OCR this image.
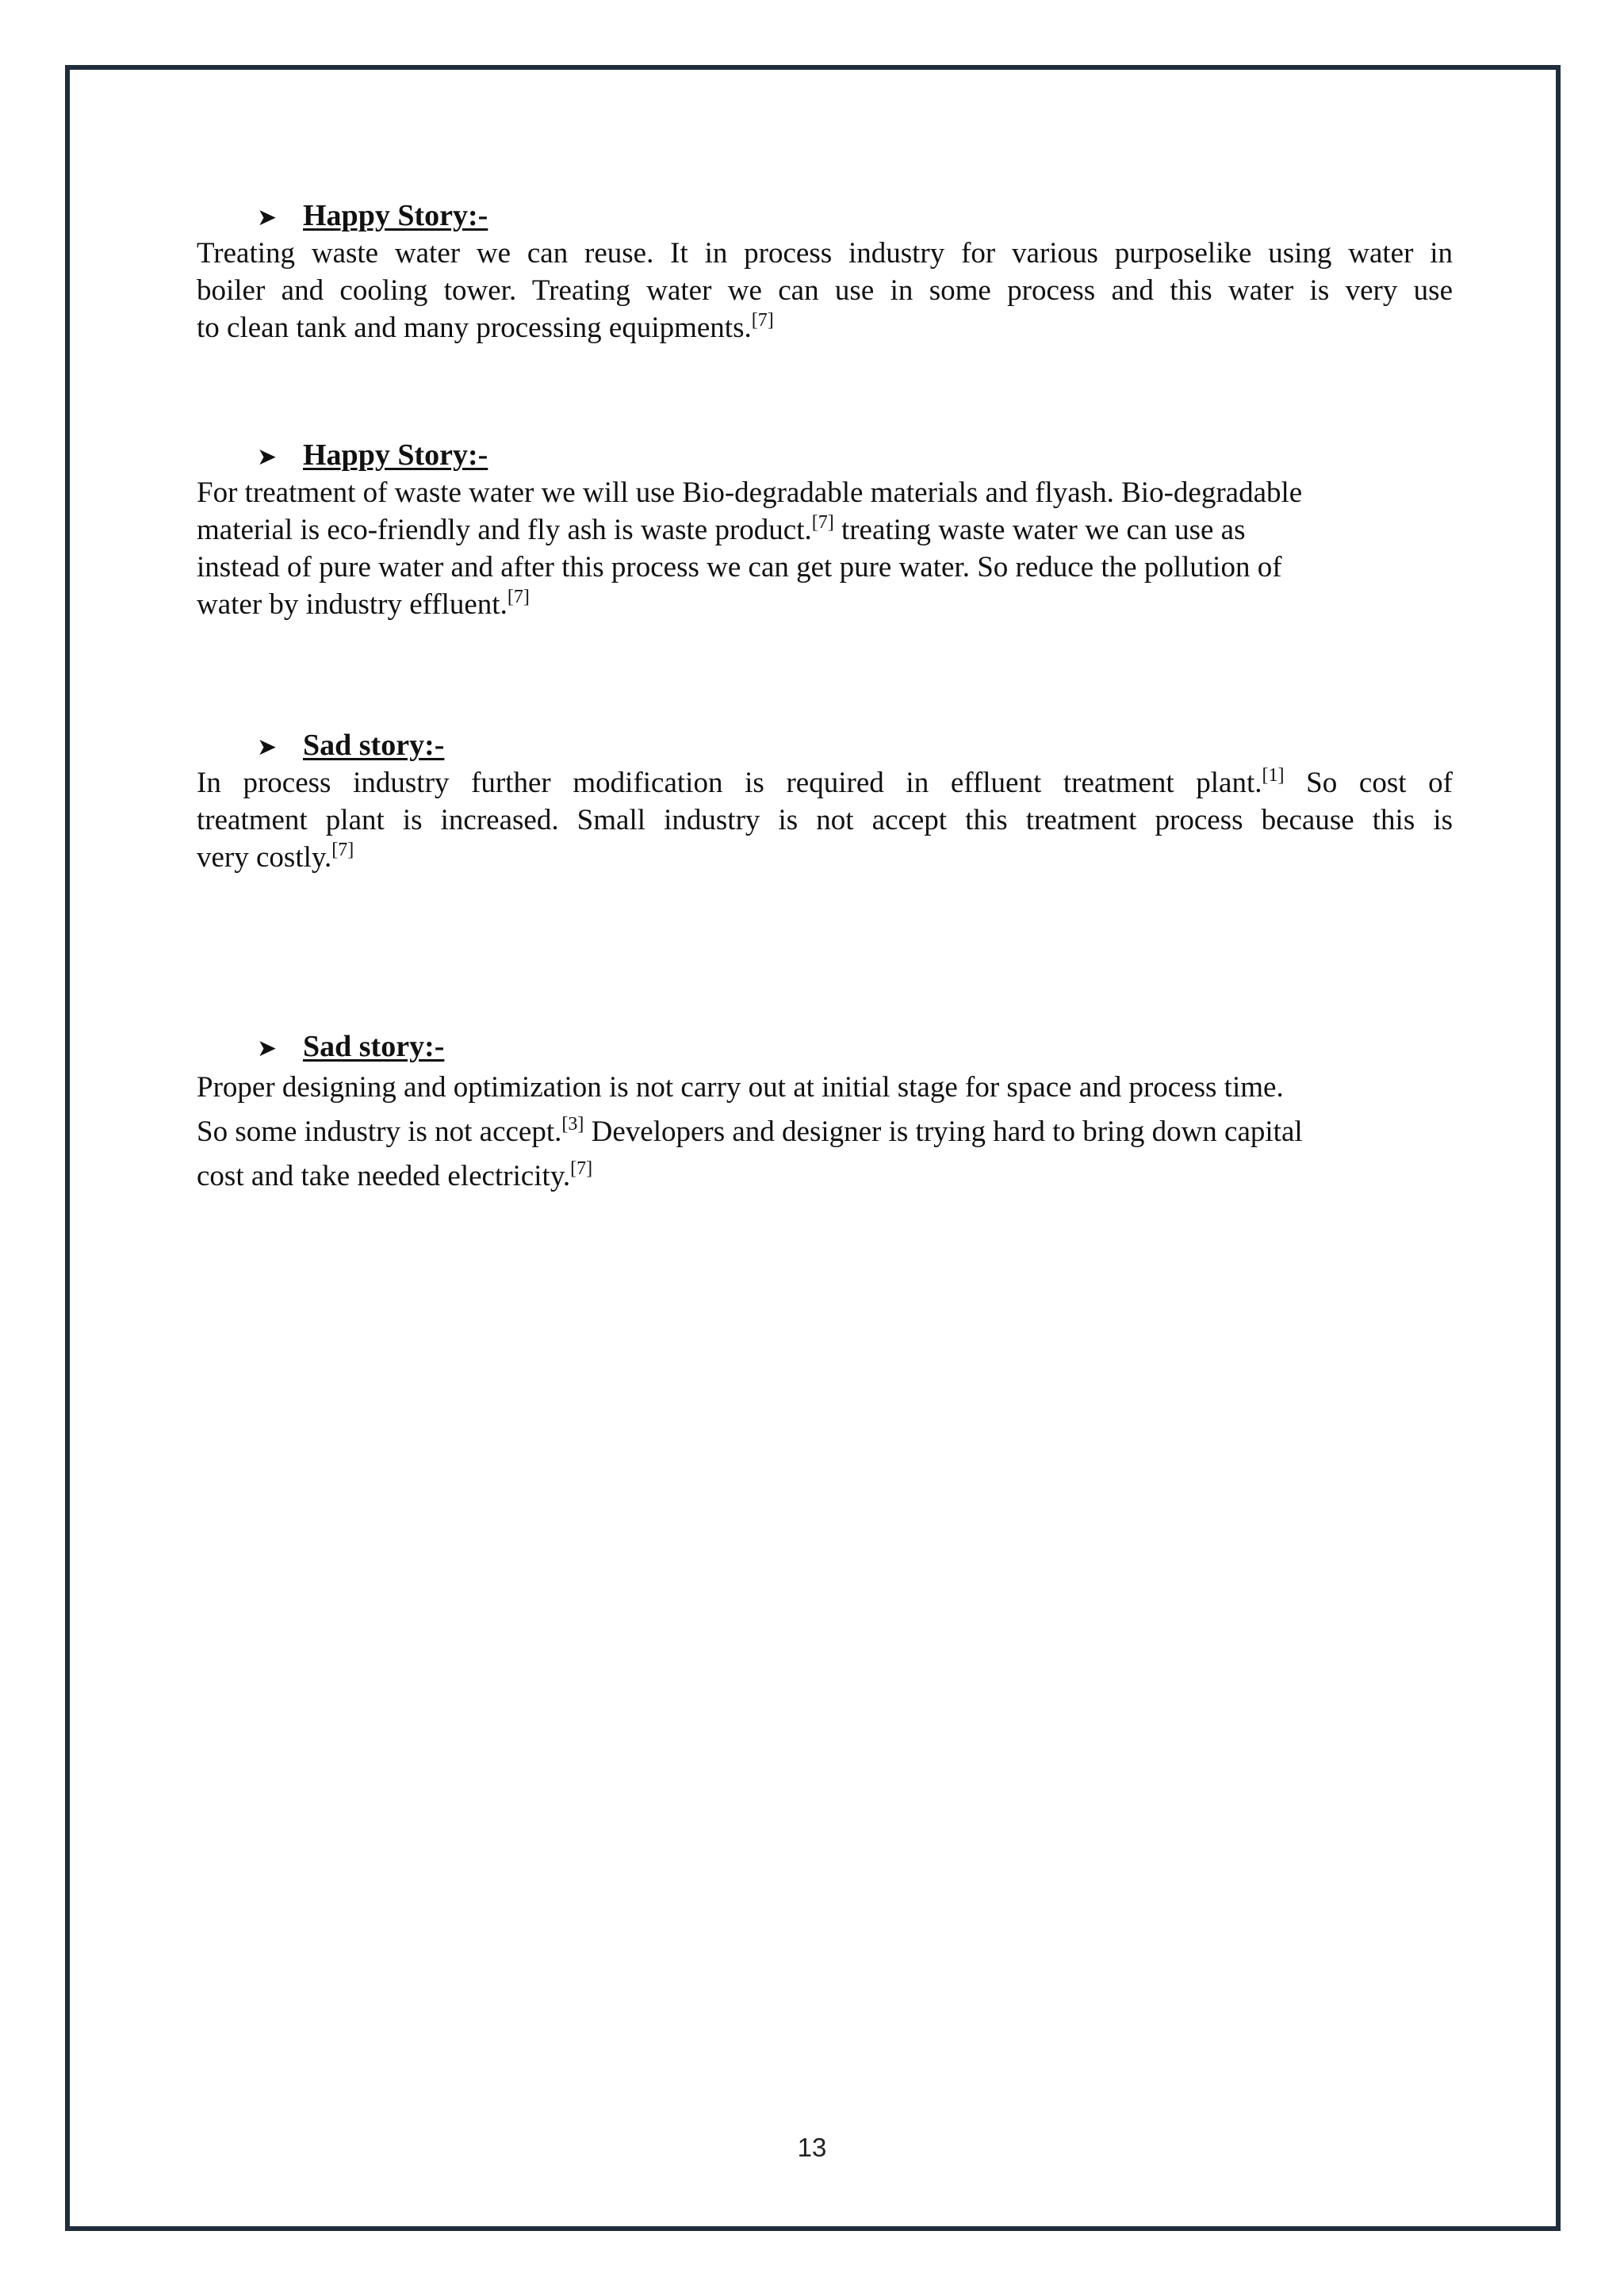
➤ Happy Story:-

Treating waste water we can reuse. It in process industry for various purposelike using water in

boiler and cooling tower. Treating water we can use in some process and this water is very use

to clean tank and many processing equipments.[7]

➤ Happy Story:-

For treatment of waste water we will use Bio-degradable materials and flyash. Bio-degradable

material is eco-friendly and fly ash is waste product.[7] treating waste water we can use as

instead of pure water and after this process we can get pure water. So reduce the pollution of

water by industry effluent.[7]

➤ Sad story:-

In process industry further modification is required in effluent treatment plant.[1] So cost of

treatment plant is increased. Small industry is not accept this treatment process because this is

very costly.[7]

➤ Sad story:-

Proper designing and optimization is not carry out at initial stage for space and process time.

So some industry is not accept.[3] Developers and designer is trying hard to bring down capital

cost and take needed electricity.[7]

13
